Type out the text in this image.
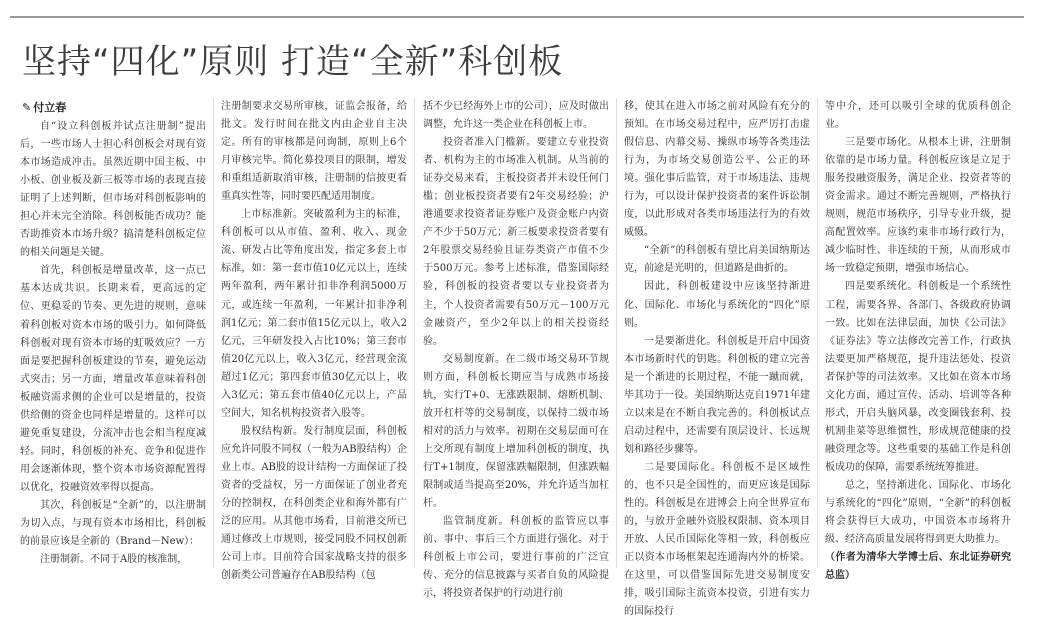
坚持“四化”原则 打造“全新”科创板
✎ 付立春

自“设立科创板并试点注册制”提出后，一些市场人士担心科创板会对现有资本市场造成冲击。虽然近期中国主板、中小板、创业板及新三板等市场的表现直接证明了上述判断，但市场对科创板影响的担心并未完全消除。科创板能否成功？能否助推资本市场升级？搞清楚科创板定位的相关问题是关键。

首先，科创板是增量改革，这一点已基本达成共识。长期来看，更高远的定位、更稳妥的节奏、更先进的规则，意味着科创板对资本市场的吸引力。如何降低科创板对现有资本市场的虹吸效应？一方面是要把握科创板建设的节奏，避免运动式突击；另一方面，增量改革意味着科创板融资需求侧的企业可以是增量的，投资供给侧的资金也同样是增量的。这样可以避免重复建设，分流冲击也会相当程度减轻。同时，科创板的补充、竞争和促进作用会逐渐体现，整个资本市场资源配置得以优化，投融资效率得以提高。

其次，科创板是“全新”的，以注册制为切入点，与现有资本市场相比，科创板的前景应该是全新的（Brand－New）：

注册制新。不同于A股的核准制，

注册制要求交易所审核，证监会报备，给批文。发行时间在批文内由企业自主决定。所有的审核都是问询制，原则上6个月审核完毕。简化募投项目的限制，增发和重组适新取消审核，注册制的信披更看重真实性等，同时要匹配适用制度。

上市标准新。突破盈利为主的标准，科创板可以从市值、盈利、收入、现金流、研发占比等角度出发，指定多套上市标准，如：第一套市值10亿元以上，连续两年盈利，两年累计扣非净利润5000万元，或连续一年盈利，一年累计扣非净利润1亿元；第二套市值15亿元以上，收入2亿元，三年研发投入占比10%；第三套市值20亿元以上，收入3亿元，经营现金流超过1亿元；第四套市值30亿元以上，收入3亿元；第五套市值40亿元以上，产品空间大，知名机构投资者入股等。

股权结构新。发行制度层面，科创板应允许同股不同权（一般为AB股结构）企业上市。AB股的设计结构一方面保证了投资者的受益权，另一方面保证了创业者充分的控制权，在科创类企业和海外都有广泛的应用。从其他市场看，目前港交所已通过修改上市规则，接受同股不同权创新公司上市。目前符合国家战略支持的很多创新类公司普遍存在AB股结构（包

括不少已经海外上市的公司），应及时做出调整，允许这一类企业在科创板上市。

投资者准入门槛新。要建立专业投资者、机构为主的市场准入机制。从当前的证券交易来看，主板投资者并未设任何门槛；创业板投资者要有2年交易经验；沪港通要求投资者证券账户及资金账户内资产不少于50万元；新三板要求投资者要有2年股票交易经验且证券类资产市值不少于500万元。参考上述标准，借鉴国际经验，科创板的投资者要以专业投资者为主，个人投资者需要有50万元－100万元金融资产，至少2年以上的相关投资经验。

交易制度新。在二级市场交易环节规则方面，科创板长期应当与成熟市场接轨，实行T+0、无涨跌限制、熔断机制、放开杠杆等的交易制度，以保持二级市场相对的活力与效率。初期在交易层面可在上交所现有制度上增加科创板的制度，执行T+1制度，保留涨跌幅限制，但涨跌幅限制或适当提高至20%，并允许适当加杠杆。

监管制度新。科创板的监管应以事前、事中、事后三个方面进行强化。对于科创板上市公司，要进行事前的广泛宣传、充分的信息披露与买者自负的风险提示，将投资者保护的行动进行前

移，使其在进入市场之前对风险有充分的预知。在市场交易过程中，应严厉打击虚假信息、内幕交易、操纵市场等各类违法行为，为市场交易创造公平、公正的环境。强化事后监管，对于市场违法、违规行为，可以设计保护投资者的案件诉讼制度，以此形成对各类市场违法行为的有效威慑。

“全新”的科创板有望比肩美国纳斯达克，前途是光明的，但道路是曲折的。

因此，科创板建设中应该坚持渐进化、国际化、市场化与系统化的“四化”原则。

一是要渐进化。科创板是开启中国资本市场新时代的钥匙。科创板的建立完善是一个渐进的长期过程，不能一蹴而就，毕其功于一役。美国纳斯达克自1971年建立以来是在不断自我完善的。科创板试点启动过程中，还需要有顶层设计、长远规划和路径步骤等。

二是要国际化。科创板不是区域性的，也不只是全国性的，而更应该是国际性的。科创板是在进博会上向全世界宣布的，与放开金融外资股权限制、资本项目开放、人民币国际化等相一致，科创板应正以资本市场框架起连通海内外的桥梁。在这里，可以借鉴国际先进交易制度安排，吸引国际主流资本投资，引进有实力的国际投行

等中介，还可以吸引全球的优质科创企业。

三是要市场化。从根本上讲，注册制依靠的是市场力量。科创板应该是立足于服务投融资服务，满足企业、投资者等的资金需求。通过不断完善规则，严格执行规则，规范市场秩序，引导专业升级，提高配置效率。应该约束非市场行政行为，减少临时性、非连续的干预，从而形成市场一致稳定预期，增强市场信心。

四是要系统化。科创板是一个系统性工程，需要各界、各部门、各级政府协调一致。比如在法律层面，加快《公司法》《证券法》等立法修改完善工作，行政执法要更加严格规范，提升违法惩处、投资者保护等的司法效率。又比如在资本市场文化方面，通过宣传、活动、培训等各种形式，开启头脑风暴，改变圈钱套利、投机割韭菜等思维惯性，形成规范健康的投融资理念等。这些重要的基础工作是科创板成功的保障，需要系统统筹推进。

总之，坚持渐进化、国际化、市场化与系统化的“四化”原则，“全新”的科创板将会获得巨大成功，中国资本市场将升级、经济高质量发展将得到更大助推力。

（作者为清华大学博士后、东北证券研究总监）
